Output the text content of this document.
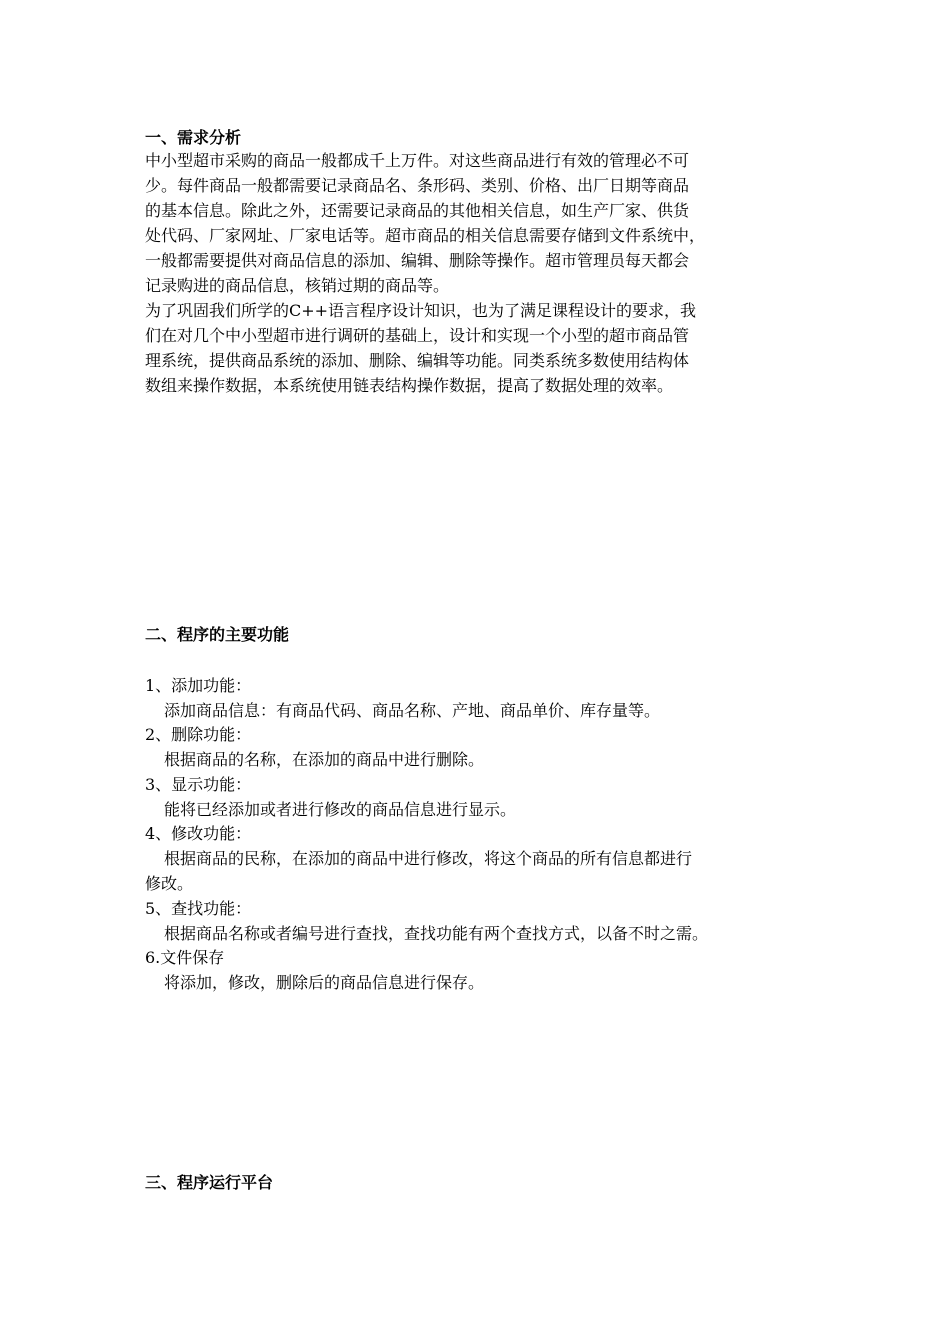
一、需求分析
中小型超市采购的商品一般都成千上万件。对这些商品进行有效的管理必不可
少。每件商品一般都需要记录商品名、条形码、类别、价格、出厂日期等商品
的基本信息。除此之外，还需要记录商品的其他相关信息，如生产厂家、供货
处代码、厂家网址、厂家电话等。超市商品的相关信息需要存储到文件系统中，
一般都需要提供对商品信息的添加、编辑、删除等操作。超市管理员每天都会
记录购进的商品信息，核销过期的商品等。
为了巩固我们所学的C++语言程序设计知识，也为了满足课程设计的要求，我
们在对几个中小型超市进行调研的基础上，设计和实现一个小型的超市商品管
理系统，提供商品系统的添加、删除、编辑等功能。同类系统多数使用结构体
数组来操作数据，本系统使用链表结构操作数据，提高了数据处理的效率。
二、程序的主要功能
1、添加功能：
添加商品信息：有商品代码、商品名称、产地、商品单价、库存量等。
2、删除功能：
根据商品的名称，在添加的商品中进行删除。
3、显示功能：
能将已经添加或者进行修改的商品信息进行显示。
4、修改功能：
根据商品的民称，在添加的商品中进行修改，将这个商品的所有信息都进行
修改。
5、查找功能：
根据商品名称或者编号进行查找，查找功能有两个查找方式，以备不时之需。
6.文件保存
将添加，修改，删除后的商品信息进行保存。
三、程序运行平台
